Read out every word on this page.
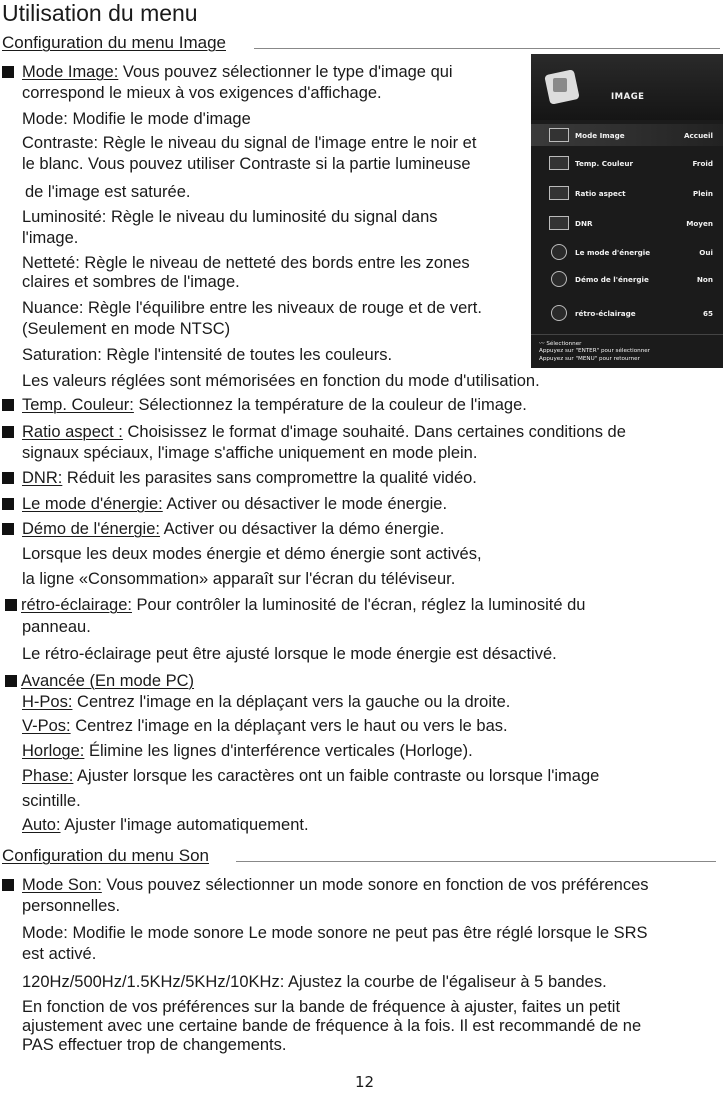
Utilisation du menu
Configuration du menu Image
Mode Image: Vous pouvez sélectionner le type d'image qui
correspond le mieux à vos exigences d'affichage.
Mode: Modifie le mode d'image
Contraste: Règle le niveau du signal de l'image entre le noir et
le blanc. Vous pouvez utiliser Contraste si la partie lumineuse
de l'image est saturée.
Luminosité: Règle le niveau du luminosité du signal dans
l'image.
Netteté: Règle le niveau de netteté des bords entre les zones
claires et sombres de l'image.
Nuance: Règle l'équilibre entre les niveaux de rouge et de vert.
(Seulement en mode NTSC)
Saturation: Règle l'intensité de toutes les couleurs.
Les valeurs réglées sont mémorisées en fonction du mode d'utilisation.
Temp. Couleur: Sélectionnez la température de la couleur de l'image.
Ratio aspect : Choisissez le format d'image souhaité. Dans certaines conditions de
signaux spéciaux, l'image s'affiche uniquement en mode plein.
DNR: Réduit les parasites sans compromettre la qualité vidéo.
Le mode d'énergie: Activer ou désactiver le mode énergie.
Démo de l'énergie: Activer ou désactiver la démo énergie.
Lorsque les deux modes énergie et démo énergie sont activés,
la ligne «Consommation» apparaît sur l'écran du téléviseur.
rétro-éclairage: Pour contrôler la luminosité de l'écran, réglez la luminosité du
panneau.
Le rétro-éclairage peut être ajusté lorsque le mode énergie est désactivé.
Avancée (En mode PC)
H-Pos: Centrez l'image en la déplaçant vers la gauche ou la droite.
V-Pos: Centrez l'image en la déplaçant vers le haut ou vers le bas.
Horloge: Élimine les lignes d'interférence verticales (Horloge).
Phase: Ajuster lorsque les caractères ont un faible contraste ou lorsque l'image
scintille.
Auto: Ajuster l'image automatiquement.
Configuration du menu Son
Mode Son: Vous pouvez sélectionner un mode sonore en fonction de vos préférences
personnelles.
Mode: Modifie le mode sonore Le mode sonore ne peut pas être réglé lorsque le SRS
est activé.
120Hz/500Hz/1.5KHz/5KHz/10KHz: Ajustez la courbe de l'égaliseur à 5 bandes.
En fonction de vos préférences sur la bande de fréquence à ajuster, faites un petit
ajustement avec une certaine bande de fréquence à la fois. Il est recommandé de ne
PAS effectuer trop de changements.
12
IMAGE
Mode Image	Accueil
Temp. Couleur	Froid
Ratio aspect	Plein
DNR	Moyen
Le mode d'énergie	Oui
Démo de l'énergie	Non
rétro-éclairage	65
〰 Sélectionner
Appuyez sur "ENTER" pour sélectionner
Appuyez sur "MENU" pour retourner
